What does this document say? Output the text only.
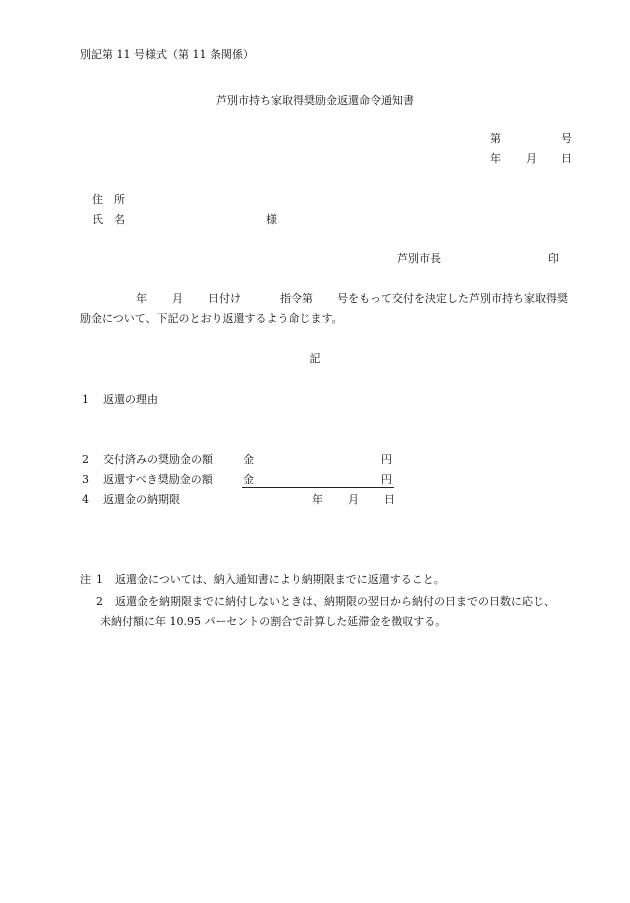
別記第 11 号様式（第 11 条関係）
芦別市持ち家取得奨励金返還命令通知書
第	号
年 月 日
住　所
氏　名	様
芦別市長	印
年 月 日付け	指令第 号をもって交付を決定した芦別市持ち家取得奨
励金について、下記のとおり返還するよう命じます。
記
1 返還の理由
2 交付済みの奨励金の額	金	円
3 返還すべき奨励金の額	金	円
4 返還金の納期限	年 月 日
注 1 返還金については、納入通知書により納期限までに返還すること。
2 返還金を納期限までに納付しないときは、納期限の翌日から納付の日までの日数に応じ、
未納付額に年 10.95 パーセントの割合で計算した延滞金を徴収する。
